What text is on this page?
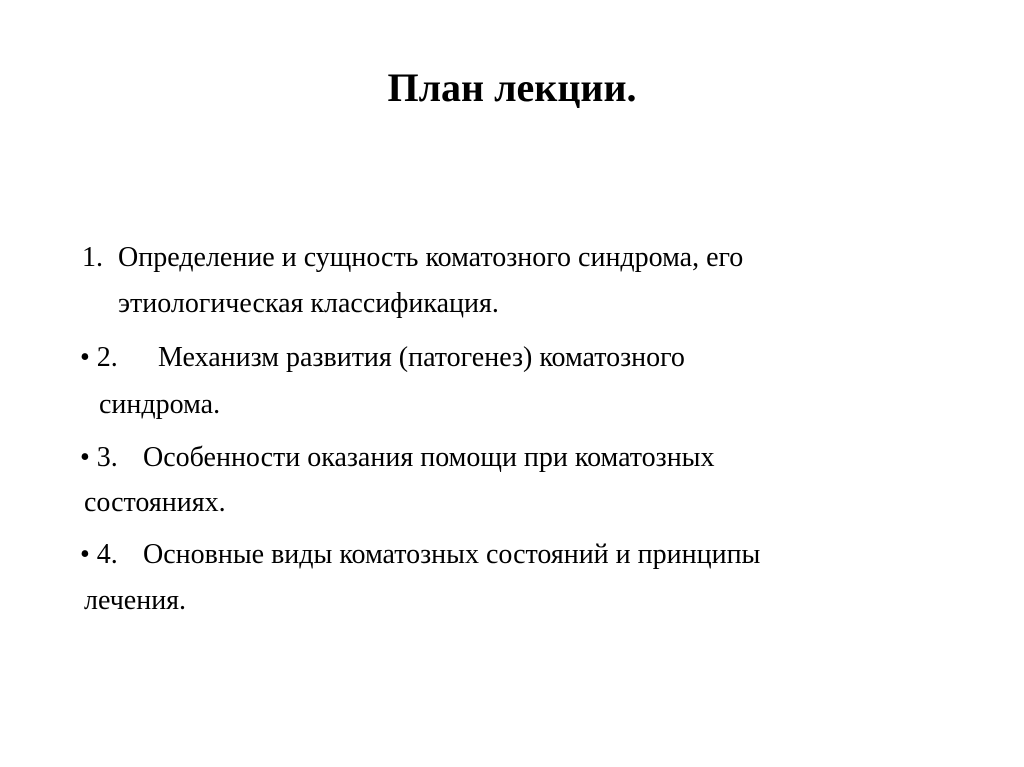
План лекции.
1. Определение и сущность коматозного синдрома, его
этиологическая классификация.
• 2. Механизм развития (патогенез) коматозного
синдрома.
• 3. Особенности оказания помощи при коматозных
состояниях.
• 4. Основные виды коматозных состояний и принципы
лечения.
